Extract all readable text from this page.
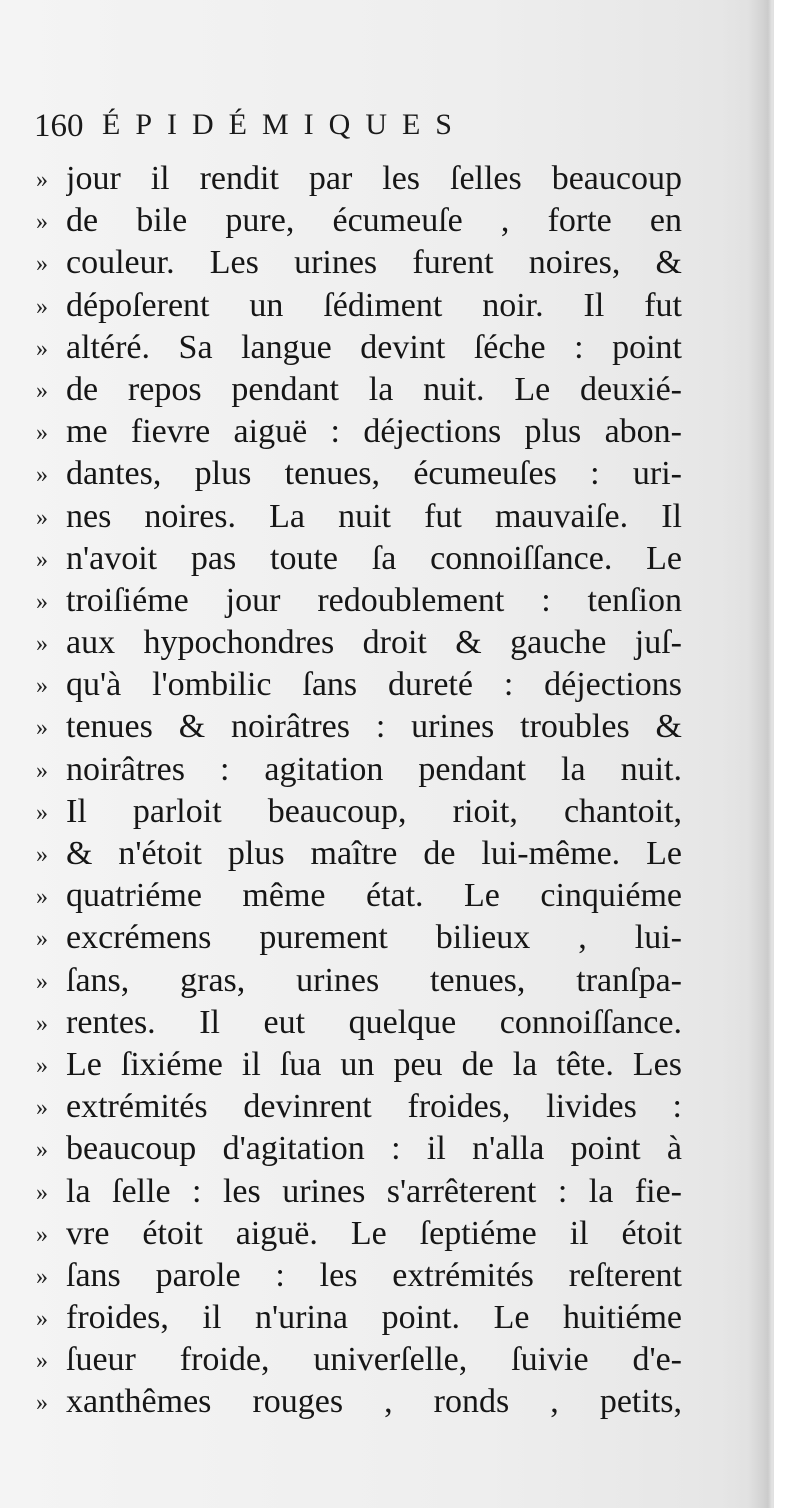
160 ÉPIDÉMIQUES
» jour il rendit par les ſelles beaucoup
» de bile pure, écumeuſe , forte en
» couleur. Les urines furent noires, &
» dépoſerent un ſédiment noir. Il fut
» altéré. Sa langue devint ſéche : point
» de repos pendant la nuit. Le deuxié-
» me fievre aiguë : déjections plus abon-
» dantes, plus tenues, écumeuſes : uri-
» nes noires. La nuit fut mauvaiſe. Il
» n'avoit pas toute ſa connoiſſance. Le
» troiſiéme jour redoublement : tenſion
» aux hypochondres droit & gauche juſ-
» qu'à l'ombilic ſans dureté : déjections
» tenues & noirâtres : urines troubles &
» noirâtres : agitation pendant la nuit.
» Il parloit beaucoup, rioit, chantoit,
» & n'étoit plus maître de lui-même. Le
» quatriéme même état. Le cinquiéme
» excrémens purement bilieux , lui-
» ſans, gras, urines tenues, tranſpa-
» rentes. Il eut quelque connoiſſance.
» Le ſixiéme il ſua un peu de la tête. Les
» extrémités devinrent froides, livides :
» beaucoup d'agitation : il n'alla point à
» la ſelle : les urines s'arrêterent : la fie-
» vre étoit aiguë. Le ſeptiéme il étoit
» ſans parole : les extrémités reſterent
» froides, il n'urina point. Le huitiéme
» ſueur froide, univerſelle, ſuivie d'e-
» xanthêmes rouges , ronds , petits,
